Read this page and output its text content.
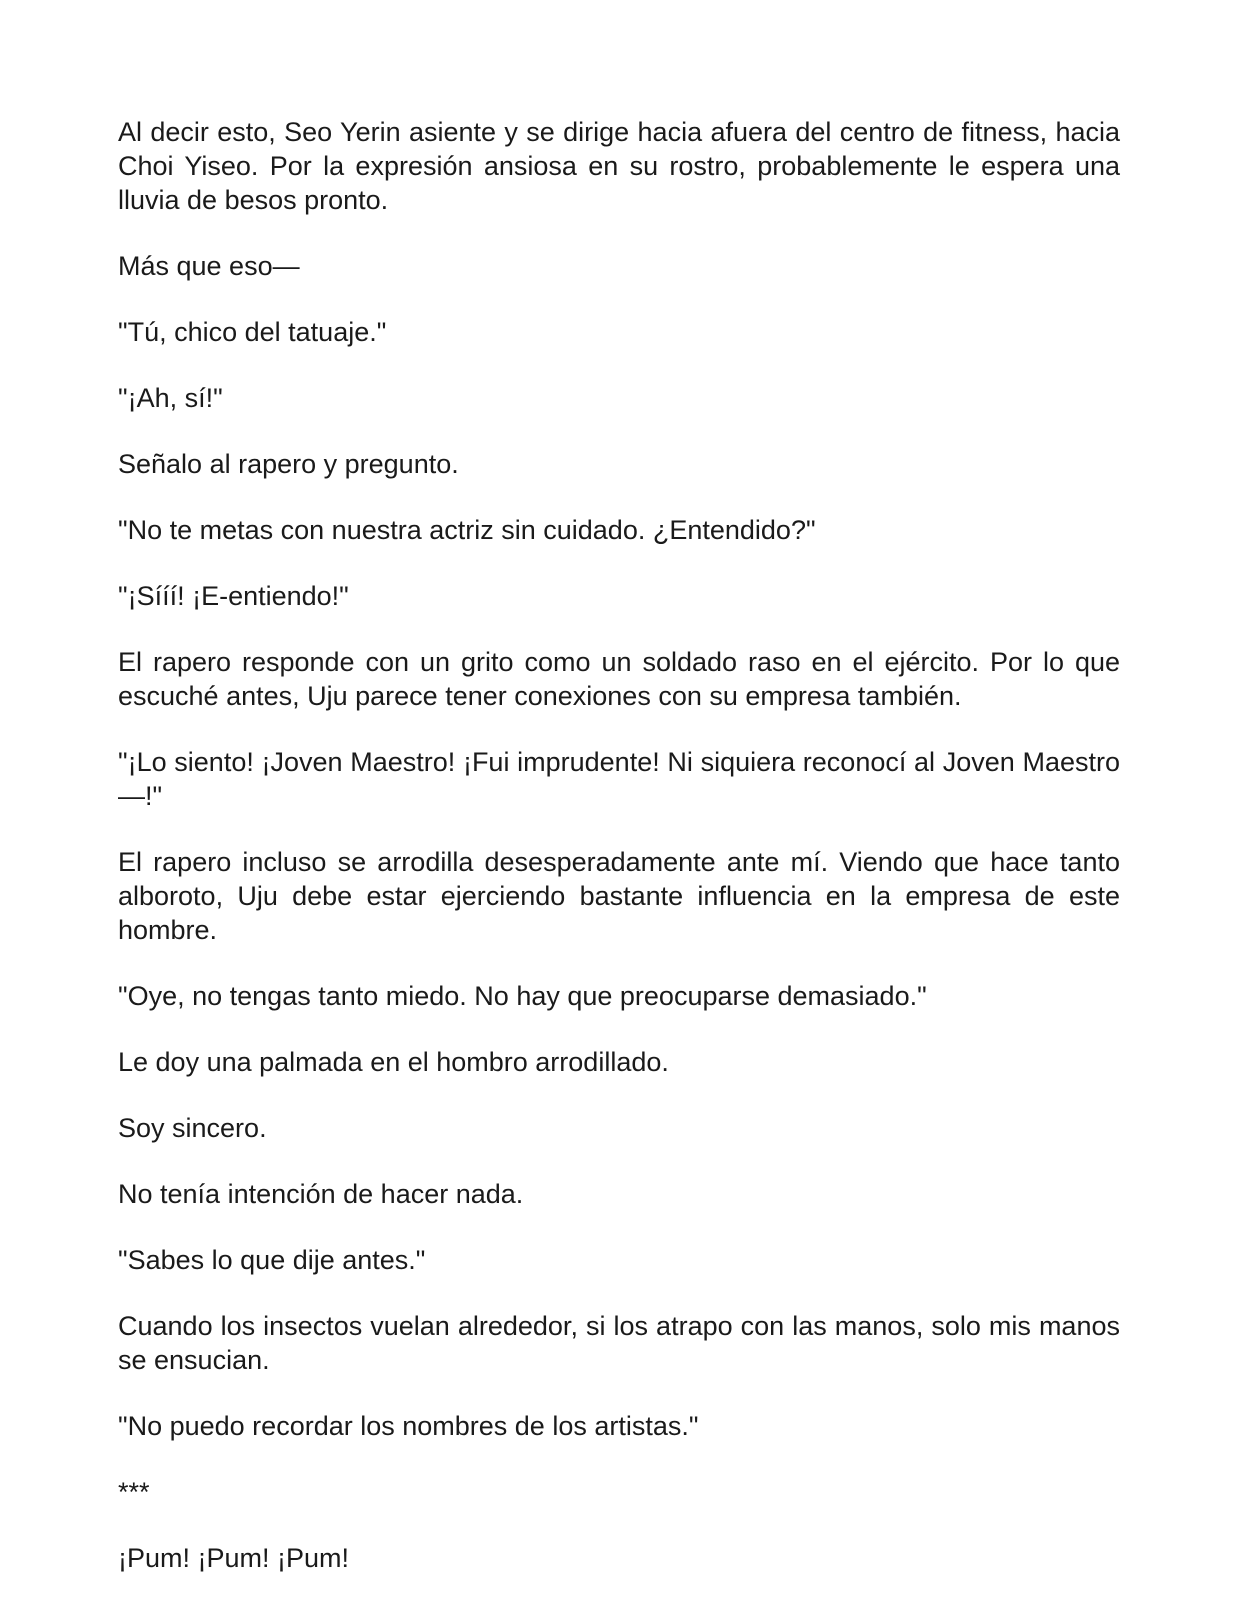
Al decir esto, Seo Yerin asiente y se dirige hacia afuera del centro de fitness, hacia Choi Yiseo. Por la expresión ansiosa en su rostro, probablemente le espera una lluvia de besos pronto.

Más que eso—

"Tú, chico del tatuaje."

"¡Ah, sí!"

Señalo al rapero y pregunto.

"No te metas con nuestra actriz sin cuidado. ¿Entendido?"

"¡Sííí! ¡E-entiendo!"

El rapero responde con un grito como un soldado raso en el ejército. Por lo que escuché antes, Uju parece tener conexiones con su empresa también.

"¡Lo siento! ¡Joven Maestro! ¡Fui imprudente! Ni siquiera reconocí al Joven Maestro—!"

El rapero incluso se arrodilla desesperadamente ante mí. Viendo que hace tanto alboroto, Uju debe estar ejerciendo bastante influencia en la empresa de este hombre.

"Oye, no tengas tanto miedo. No hay que preocuparse demasiado."

Le doy una palmada en el hombro arrodillado.

Soy sincero.

No tenía intención de hacer nada.

"Sabes lo que dije antes."

Cuando los insectos vuelan alrededor, si los atrapo con las manos, solo mis manos se ensucian.

"No puedo recordar los nombres de los artistas."

***

¡Pum! ¡Pum! ¡Pum!
